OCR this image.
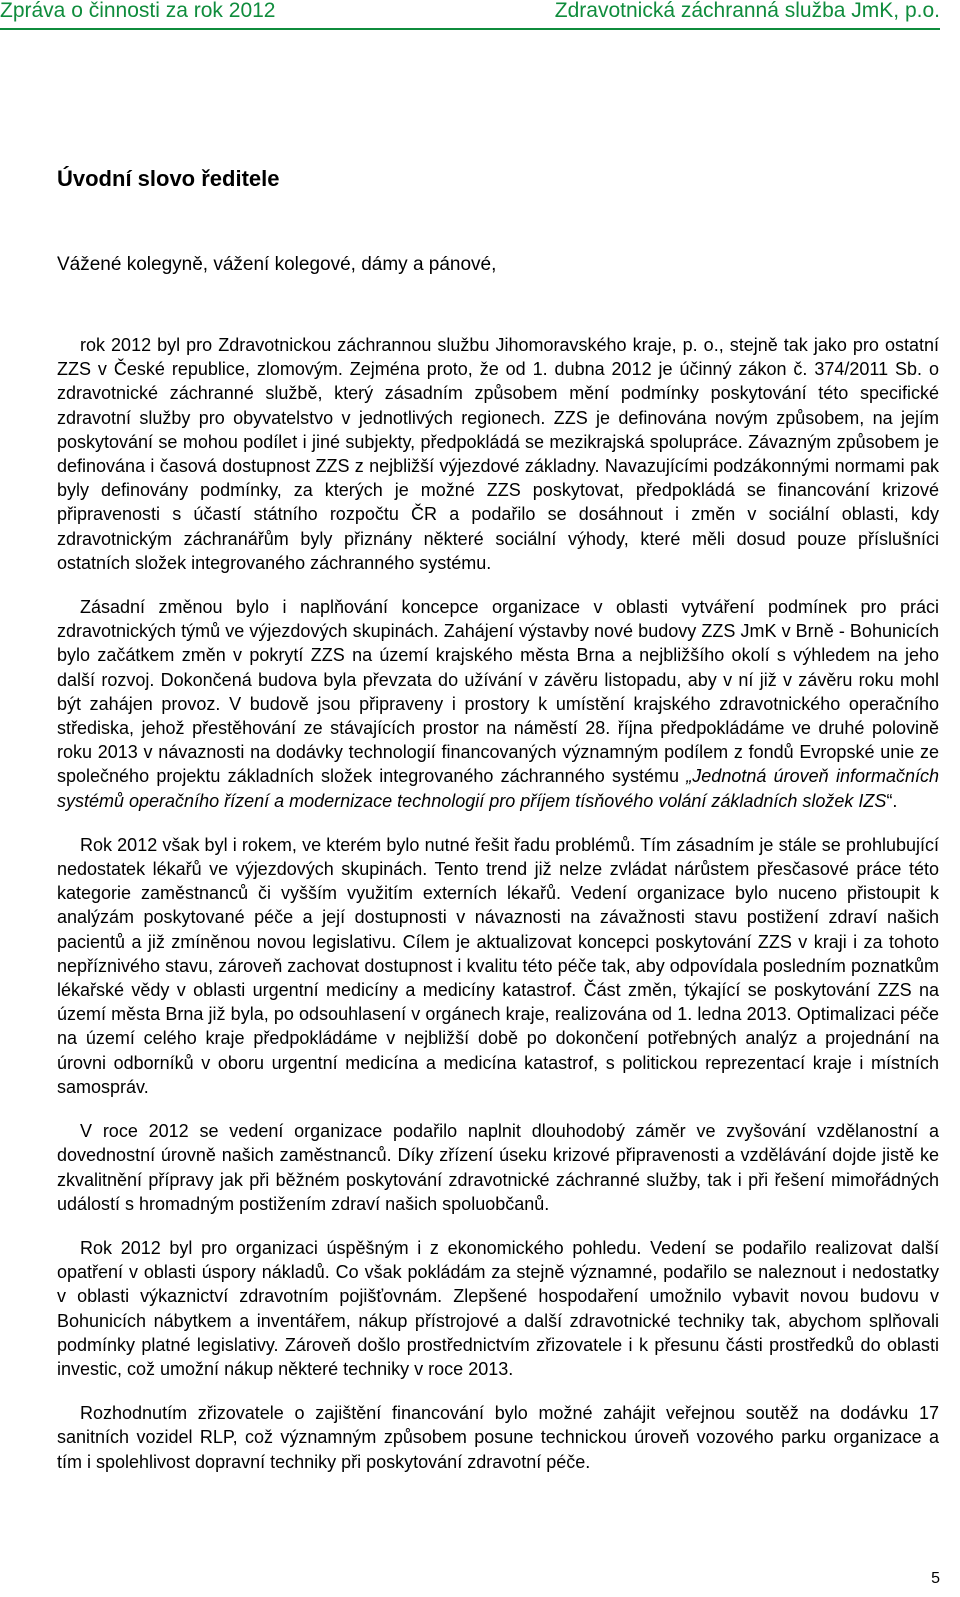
Zpráva o činnosti za rok 2012	Zdravotnická záchranná služba JmK, p.o.
Úvodní slovo ředitele

Vážené kolegyně, vážení kolegové, dámy a pánové,

rok 2012 byl pro Zdravotnickou záchrannou službu Jihomoravského kraje, p. o., stejně tak jako pro ostatní ZZS v České republice, zlomovým. Zejména proto, že od 1. dubna 2012 je účinný zákon č. 374/2011 Sb. o zdravotnické záchranné službě, který zásadním způsobem mění podmínky poskytování této specifické zdravotní služby pro obyvatelstvo v jednotlivých regionech. ZZS je definována novým způsobem, na jejím poskytování se mohou podílet i jiné subjekty, předpokládá se mezikrajská spolupráce. Závazným způsobem je definována i časová dostupnost ZZS z nejbližší výjezdové základny. Navazujícími podzákonnými normami pak byly definovány podmínky, za kterých je možné ZZS poskytovat, předpokládá se financování krizové připravenosti s účastí státního rozpočtu ČR a podařilo se dosáhnout i změn v sociální oblasti, kdy zdravotnickým záchranářům byly přiznány některé sociální výhody, které měli dosud pouze příslušníci ostatních složek integrovaného záchranného systému.

Zásadní změnou bylo i naplňování koncepce organizace v oblasti vytváření podmínek pro práci zdravotnických týmů ve výjezdových skupinách. Zahájení výstavby nové budovy ZZS JmK v Brně - Bohunicích bylo začátkem změn v pokrytí ZZS na území krajského města Brna a nejbližšího okolí s výhledem na jeho další rozvoj. Dokončená budova byla převzata do užívání v závěru listopadu, aby v ní již v závěru roku mohl být zahájen provoz. V budově jsou připraveny i prostory k umístění krajského zdravotnického operačního střediska, jehož přestěhování ze stávajících prostor na náměstí 28. října předpokládáme ve druhé polovině roku 2013 v návaznosti na dodávky technologií financovaných významným podílem z fondů Evropské unie ze společného projektu základních složek integrovaného záchranného systému „Jednotná úroveň informačních systémů operačního řízení a modernizace technologií pro příjem tísňového volání základních složek IZS“.

Rok 2012 však byl i rokem, ve kterém bylo nutné řešit řadu problémů. Tím zásadním je stále se prohlubující nedostatek lékařů ve výjezdových skupinách. Tento trend již nelze zvládat nárůstem přesčasové práce této kategorie zaměstnanců či vyšším využitím externích lékařů. Vedení organizace bylo nuceno přistoupit k analýzám poskytované péče a její dostupnosti v návaznosti na závažnosti stavu postižení zdraví našich pacientů a již zmíněnou novou legislativu. Cílem je aktualizovat koncepci poskytování ZZS v kraji i za tohoto nepříznivého stavu, zároveň zachovat dostupnost i kvalitu této péče tak, aby odpovídala posledním poznatkům lékařské vědy v oblasti urgentní medicíny a medicíny katastrof. Část změn, týkající se poskytování ZZS na území města Brna již byla, po odsouhlasení v orgánech kraje, realizována od 1. ledna 2013. Optimalizaci péče na území celého kraje předpokládáme v nejbližší době po dokončení potřebných analýz a projednání na úrovni odborníků v oboru urgentní medicína a medicína katastrof, s politickou reprezentací kraje i místních samospráv.

V roce 2012 se vedení organizace podařilo naplnit dlouhodobý záměr ve zvyšování vzdělanostní a dovednostní úrovně našich zaměstnanců. Díky zřízení úseku krizové připravenosti a vzdělávání dojde jistě ke zkvalitnění přípravy jak při běžném poskytování zdravotnické záchranné služby, tak i při řešení mimořádných událostí s hromadným postižením zdraví našich spoluobčanů.

Rok 2012 byl pro organizaci úspěšným i z ekonomického pohledu. Vedení se podařilo realizovat další opatření v oblasti úspory nákladů. Co však pokládám za stejně významné, podařilo se naleznout i nedostatky v oblasti výkaznictví zdravotním pojišťovnám. Zlepšené hospodaření umožnilo vybavit novou budovu v Bohunicích nábytkem a inventářem, nákup přístrojové a další zdravotnické techniky tak, abychom splňovali podmínky platné legislativy. Zároveň došlo prostřednictvím zřizovatele i k přesunu části prostředků do oblasti investic, což umožní nákup některé techniky v roce 2013.

Rozhodnutím zřizovatele o zajištění financování bylo možné zahájit veřejnou soutěž na dodávku 17 sanitních vozidel RLP, což významným způsobem posune technickou úroveň vozového parku organizace a tím i spolehlivost dopravní techniky při poskytování zdravotní péče.

5
